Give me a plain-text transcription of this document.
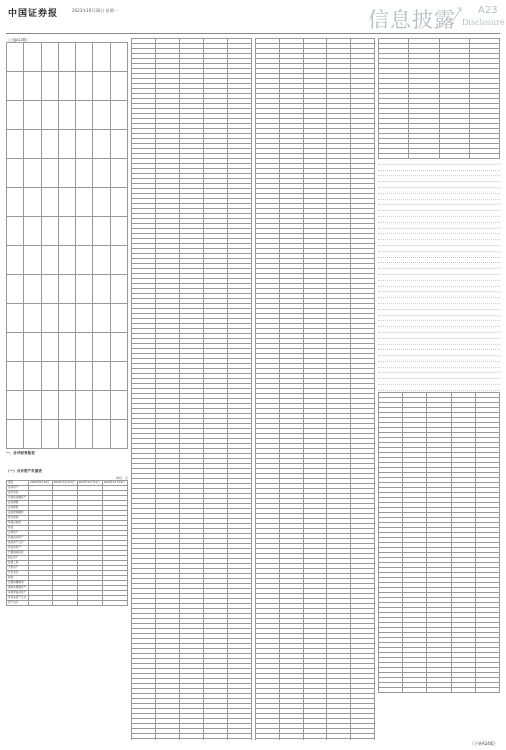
中国证券报	2023年10月30日 星期一	信息披露 A23
Disclosure
（上接A22版）

一、合并财务报表

（一）合并资产负债表
单位：元
项目	2023年6月30日	2022年12月31日	2021年12月31日	2020年12月31日
流动资产：				
货币资金				
交易性金融资产				
应收票据				
应收账款				
应收款项融资				
预付款项				
其他应收款				
存货				
合同资产				
其他流动资产				
流动资产合计				
非流动资产：				
长期股权投资				
固定资产				
在建工程				
无形资产				
开发支出				
商誉				
长期待摊费用				
递延所得税资产				
其他非流动资产				
非流动资产合计				
资产总计				

（下转A24版）
